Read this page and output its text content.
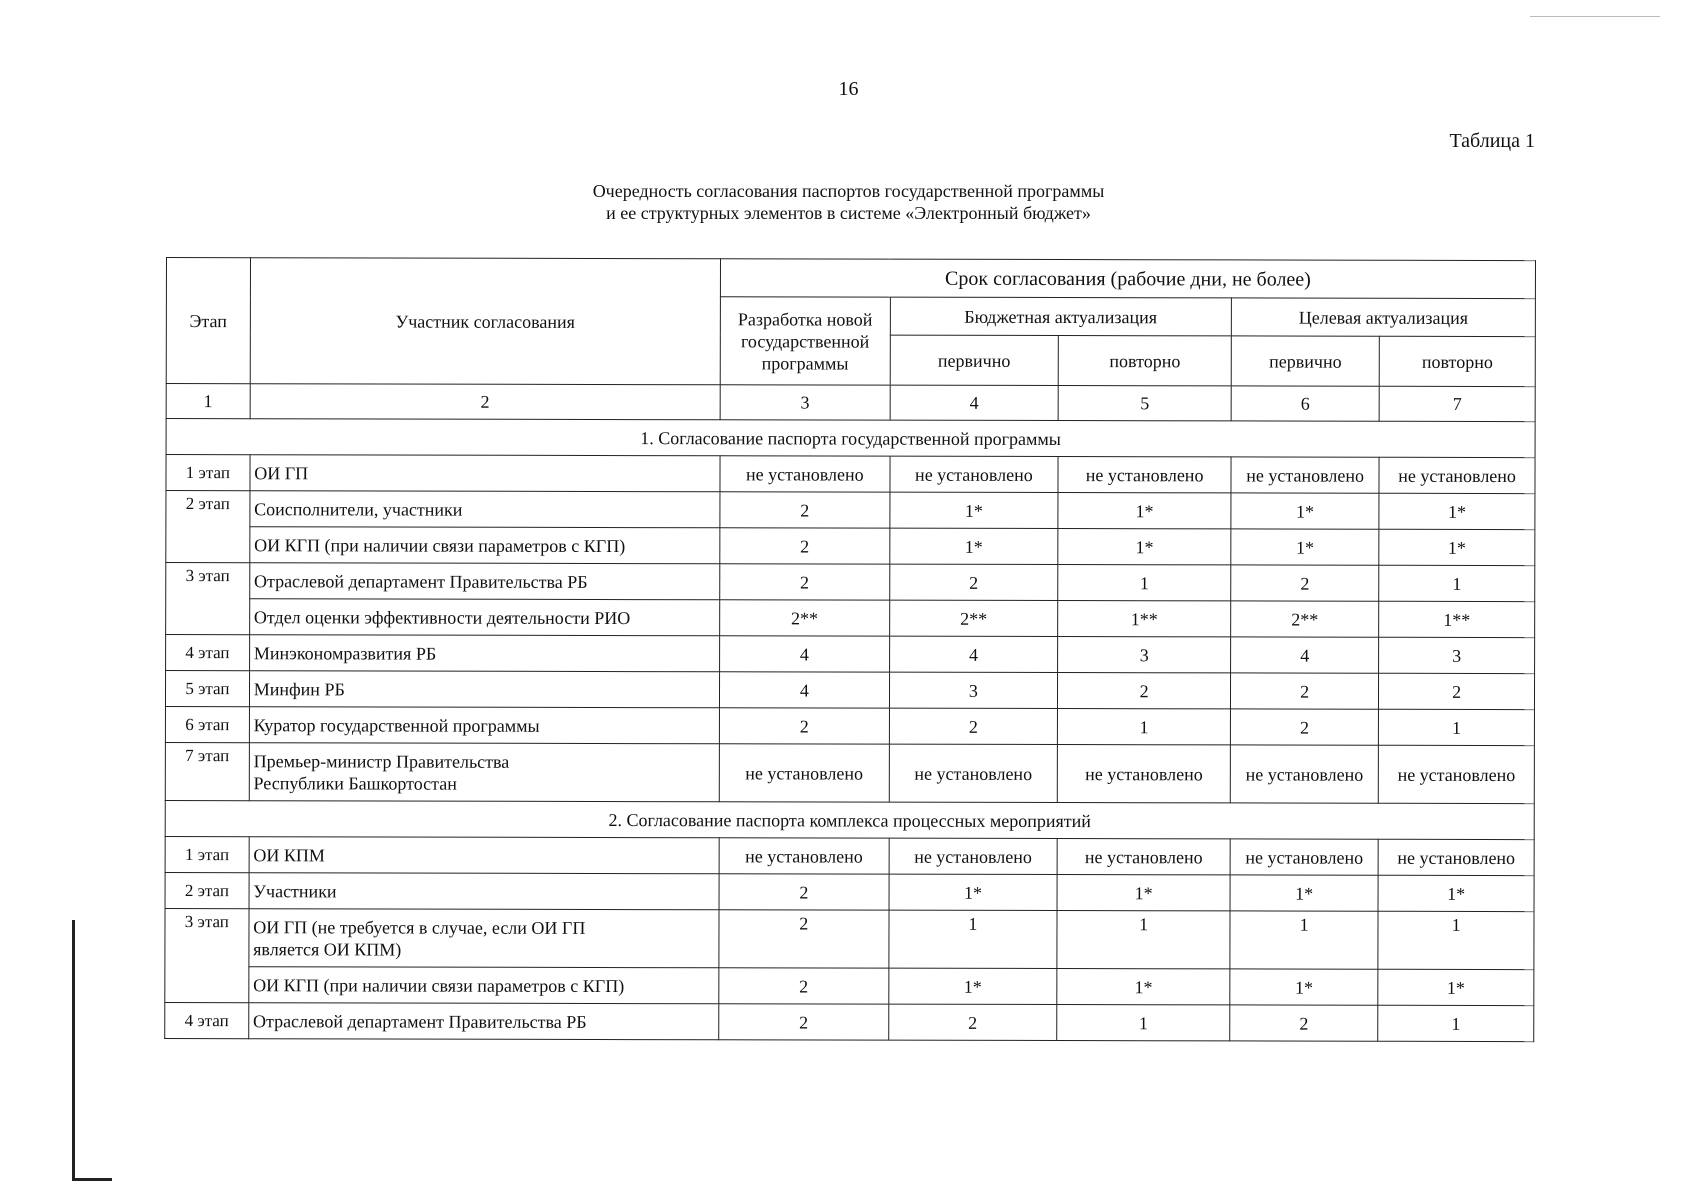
16
Таблица 1
Очередность согласования паспортов государственной программы
и ее структурных элементов в системе «Электронный бюджет»
Этап	Участник согласования	Срок согласования (рабочие дни, не более)				
		Разработка новой государственной программы	Бюджетная актуализация		Целевая актуализация	
			первично	повторно	первично	повторно
1	2	3	4	5	6	7
1. Согласование паспорта государственной программы						
1 этап	ОИ ГП	не установлено	не установлено	не установлено	не установлено	не установлено
2 этап	Соисполнители, участники	2	1*	1*	1*	1*
	ОИ КГП (при наличии связи параметров с КГП)	2	1*	1*	1*	1*
3 этап	Отраслевой департамент Правительства РБ	2	2	1	2	1
	Отдел оценки эффективности деятельности РИО	2**	2**	1**	2**	1**
4 этап	Минэкономразвития РБ	4	4	3	4	3
5 этап	Минфин РБ	4	3	2	2	2
6 этап	Куратор государственной программы	2	2	1	2	1
7 этап	Премьер-министр Правительства
Республики Башкортостан	не установлено	не установлено	не установлено	не установлено	не установлено
2. Согласование паспорта комплекса процессных мероприятий						
1 этап	ОИ КПМ	не установлено	не установлено	не установлено	не установлено	не установлено
2 этап	Участники	2	1*	1*	1*	1*
3 этап	ОИ ГП (не требуется в случае, если ОИ ГП
является ОИ КПМ)	2	1	1	1	1
	ОИ КГП (при наличии связи параметров с КГП)	2	1*	1*	1*	1*
4 этап	Отраслевой департамент Правительства РБ	2	2	1	2	1
